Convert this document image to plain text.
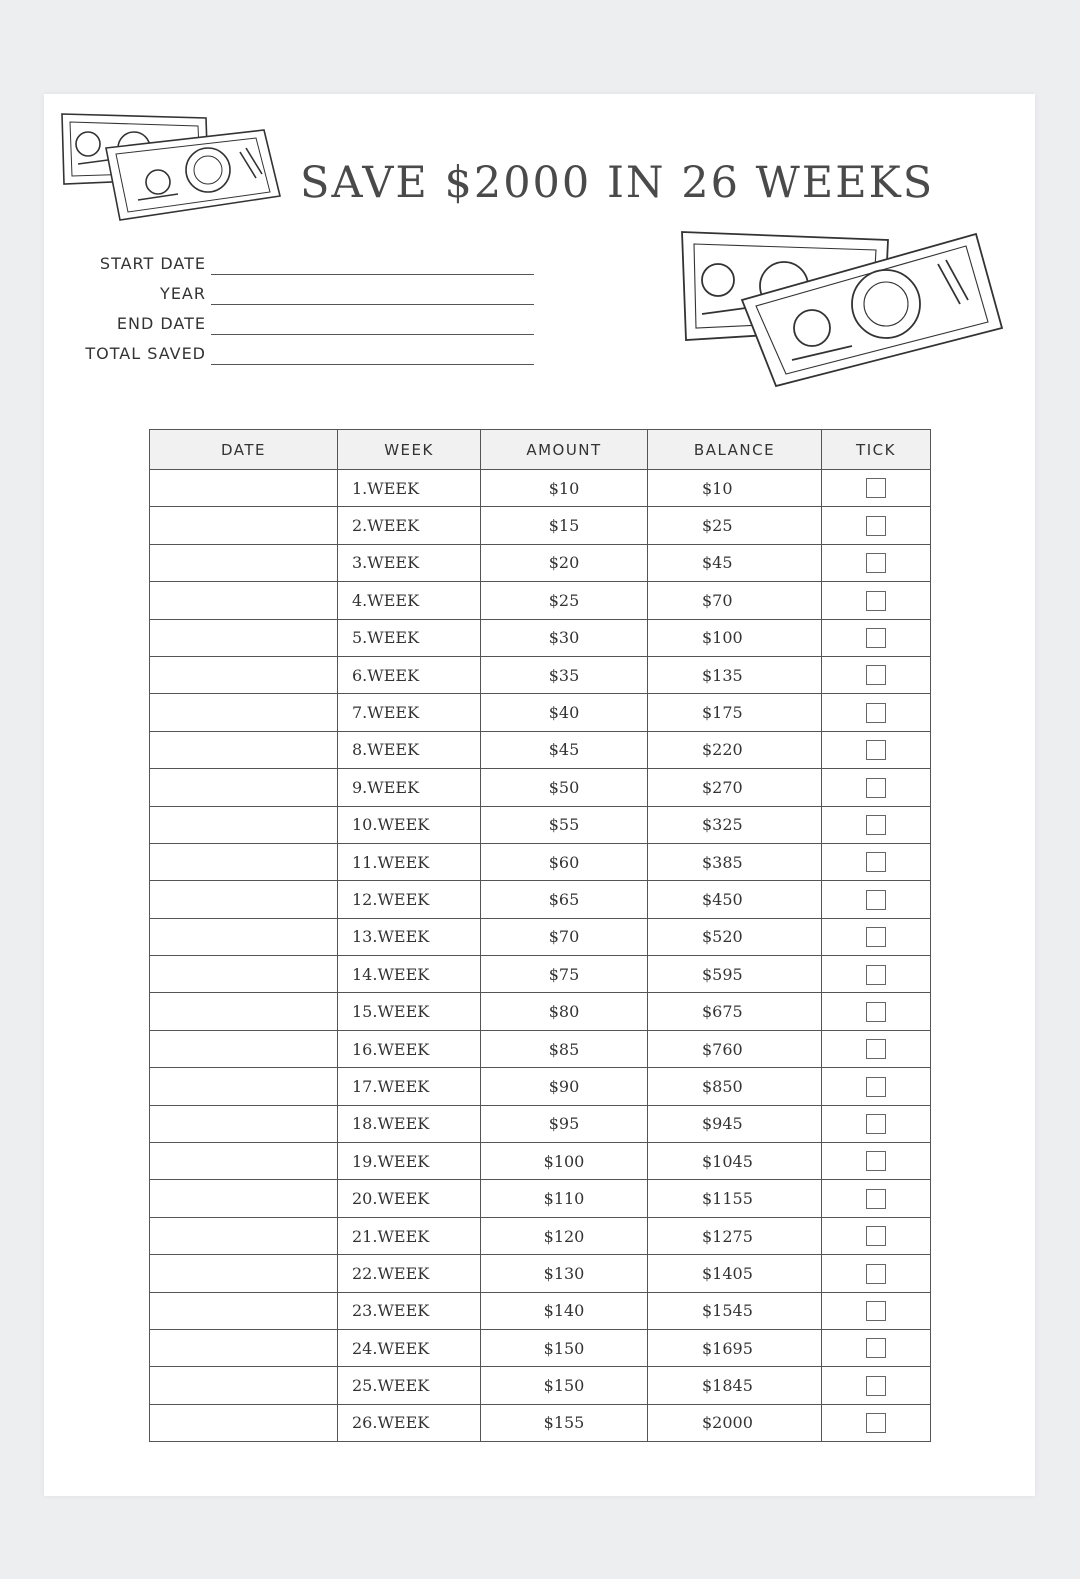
SAVE $2000 IN 26 WEEKS
START DATE
YEAR
END DATE
TOTAL SAVED
DATE	WEEK	AMOUNT	BALANCE	TICK
	1.WEEK	$10	$10	
	2.WEEK	$15	$25	
	3.WEEK	$20	$45	
	4.WEEK	$25	$70	
	5.WEEK	$30	$100	
	6.WEEK	$35	$135	
	7.WEEK	$40	$175	
	8.WEEK	$45	$220	
	9.WEEK	$50	$270	
	10.WEEK	$55	$325	
	11.WEEK	$60	$385	
	12.WEEK	$65	$450	
	13.WEEK	$70	$520	
	14.WEEK	$75	$595	
	15.WEEK	$80	$675	
	16.WEEK	$85	$760	
	17.WEEK	$90	$850	
	18.WEEK	$95	$945	
	19.WEEK	$100	$1045	
	20.WEEK	$110	$1155	
	21.WEEK	$120	$1275	
	22.WEEK	$130	$1405	
	23.WEEK	$140	$1545	
	24.WEEK	$150	$1695	
	25.WEEK	$150	$1845	
	26.WEEK	$155	$2000	
